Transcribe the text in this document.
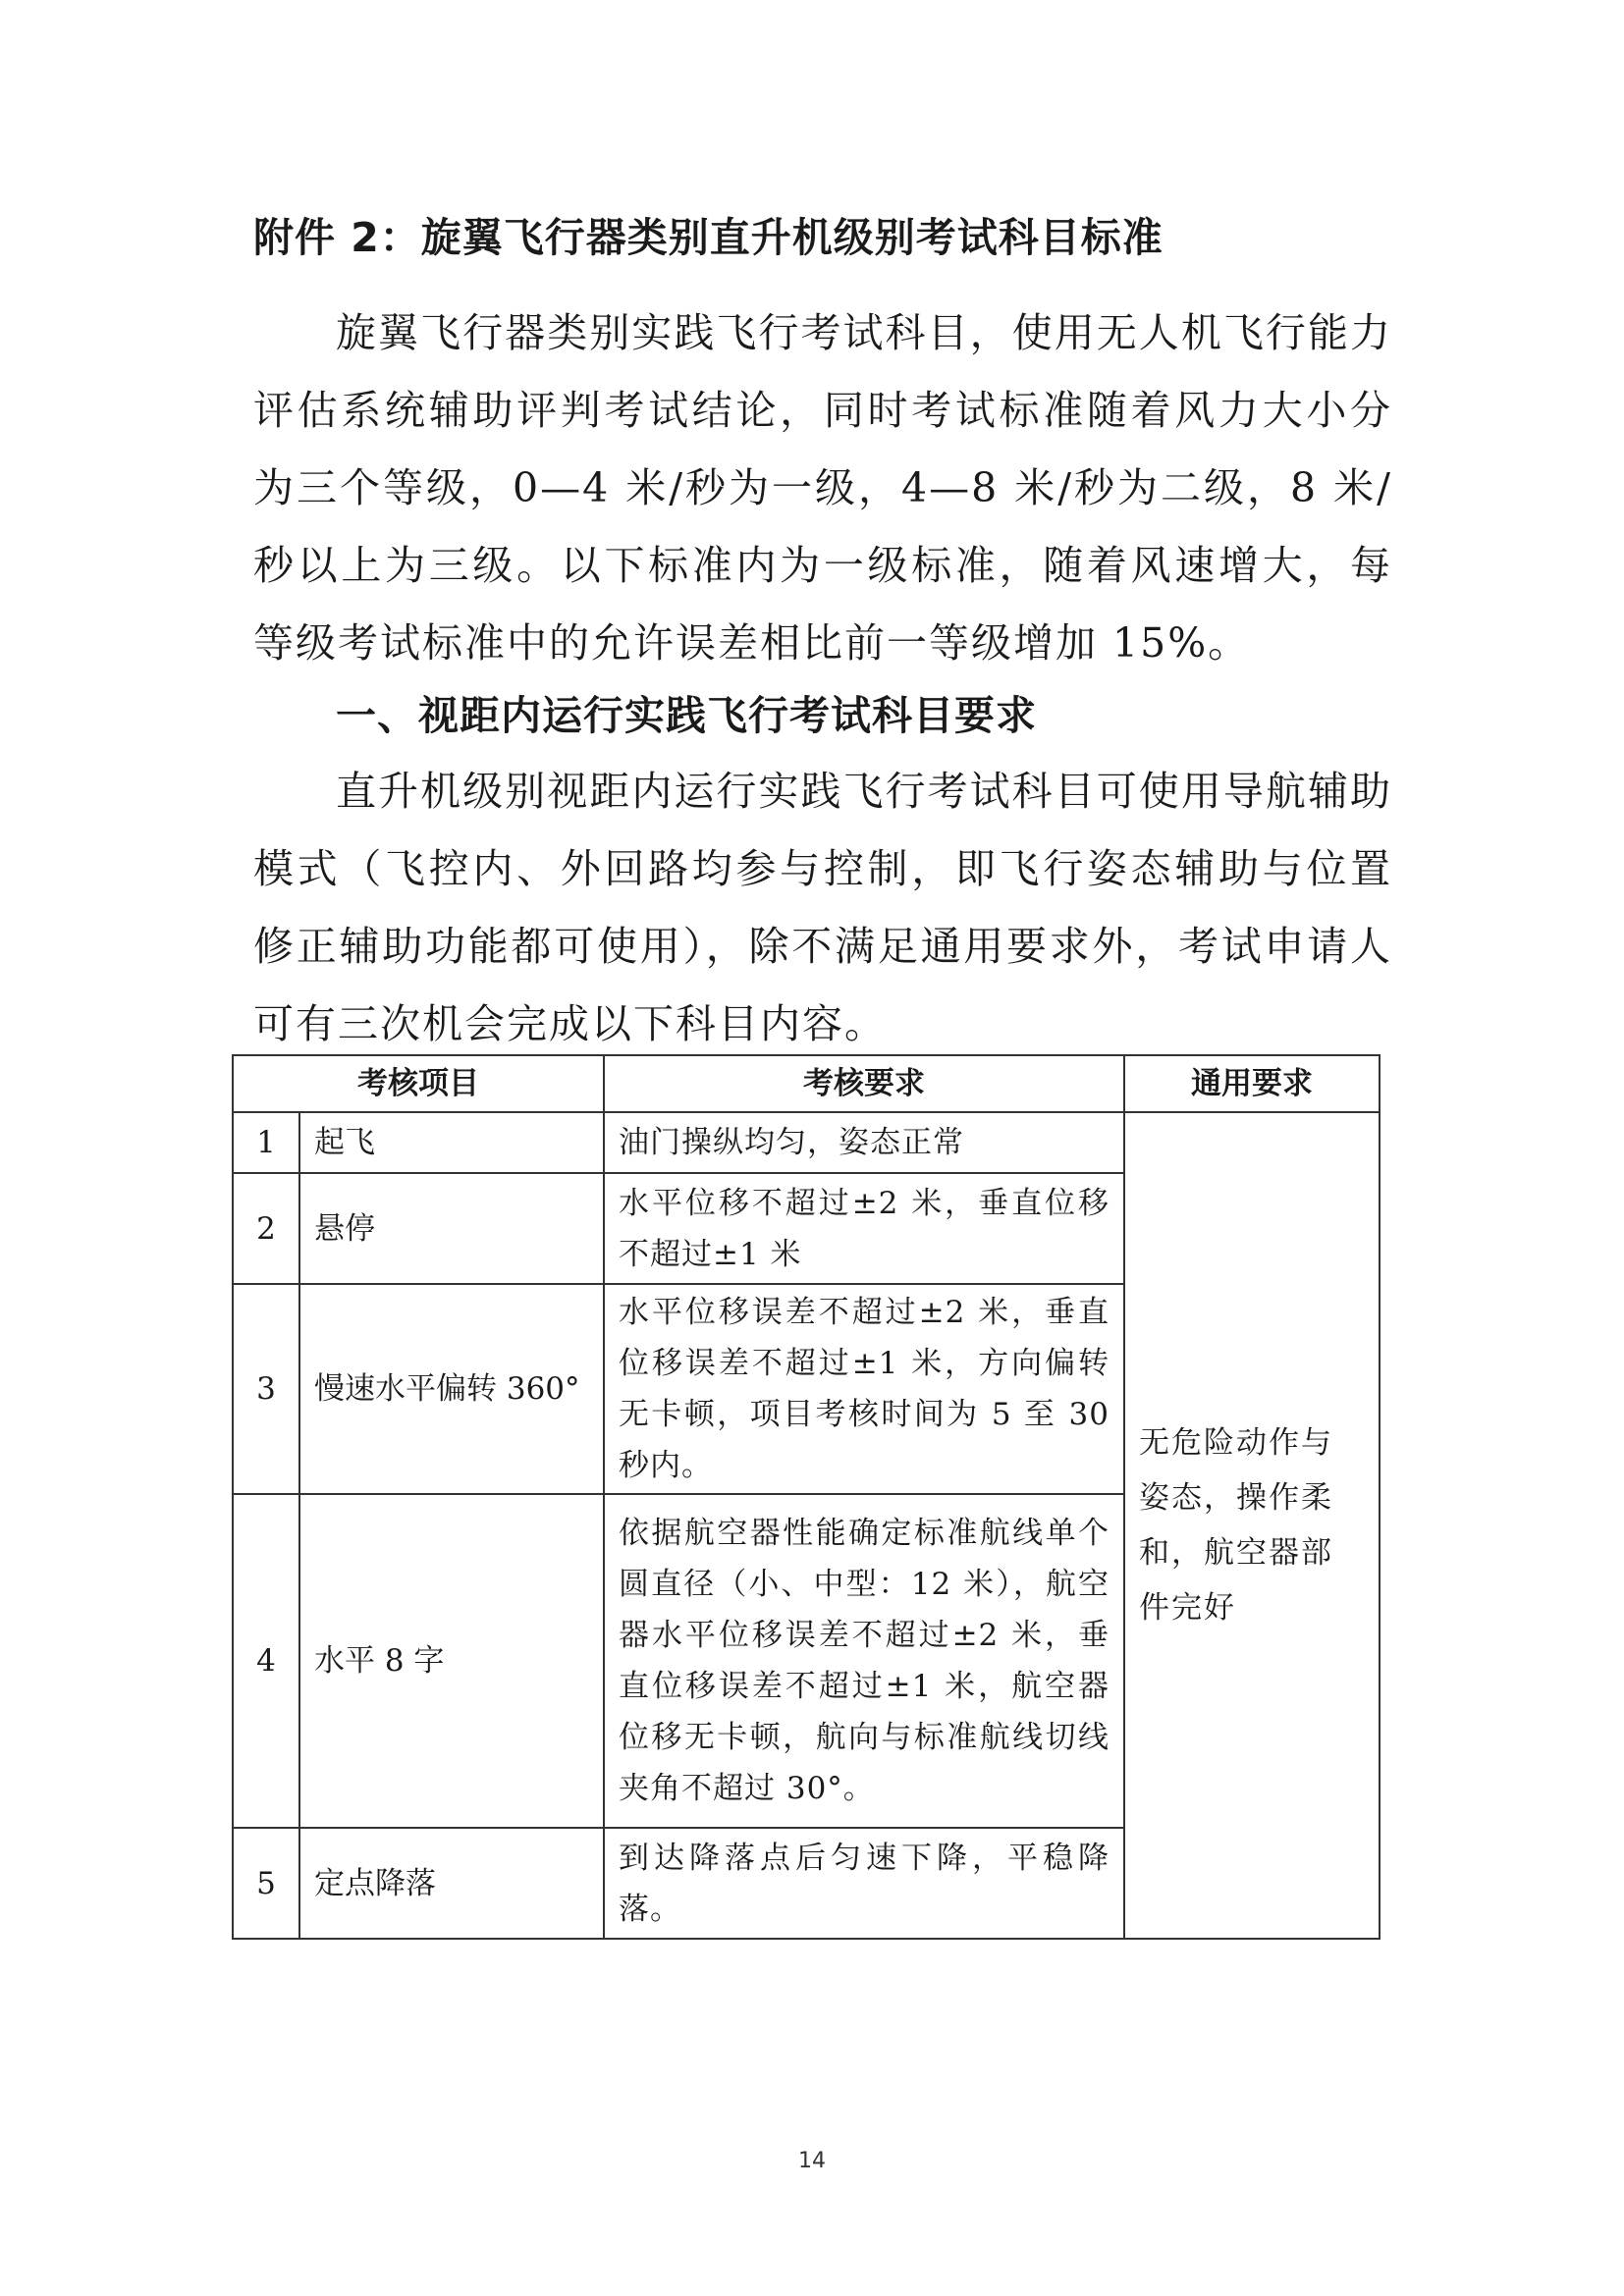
附件 2：旋翼飞行器类别直升机级别考试科目标准

旋翼飞行器类别实践飞行考试科目，使用无人机飞行能力评估系统辅助评判考试结论，同时考试标准随着风力大小分为三个等级，0—4 米/秒为一级，4—8 米/秒为二级，8 米/秒以上为三级。以下标准内为一级标准，随着风速增大，每等级考试标准中的允许误差相比前一等级增加 15%。

一、视距内运行实践飞行考试科目要求

直升机级别视距内运行实践飞行考试科目可使用导航辅助模式（飞控内、外回路均参与控制，即飞行姿态辅助与位置修正辅助功能都可使用），除不满足通用要求外，考试申请人可有三次机会完成以下科目内容。

考核项目		考核要求	通用要求
1	起飞	油门操纵均匀，姿态正常	无危险动作与姿态，操作柔和，航空器部件完好
2	悬停	水平位移不超过±2 米，垂直位移不超过±1 米	
3	慢速水平偏转 360°	水平位移误差不超过±2 米，垂直位移误差不超过±1 米，方向偏转无卡顿，项目考核时间为 5 至 30 秒内。	
4	水平 8 字	依据航空器性能确定标准航线单个圆直径（小、中型：12 米），航空器水平位移误差不超过±2 米，垂直位移误差不超过±1 米，航空器位移无卡顿，航向与标准航线切线夹角不超过 30°。	
5	定点降落	到达降落点后匀速下降，平稳降落。	
14
